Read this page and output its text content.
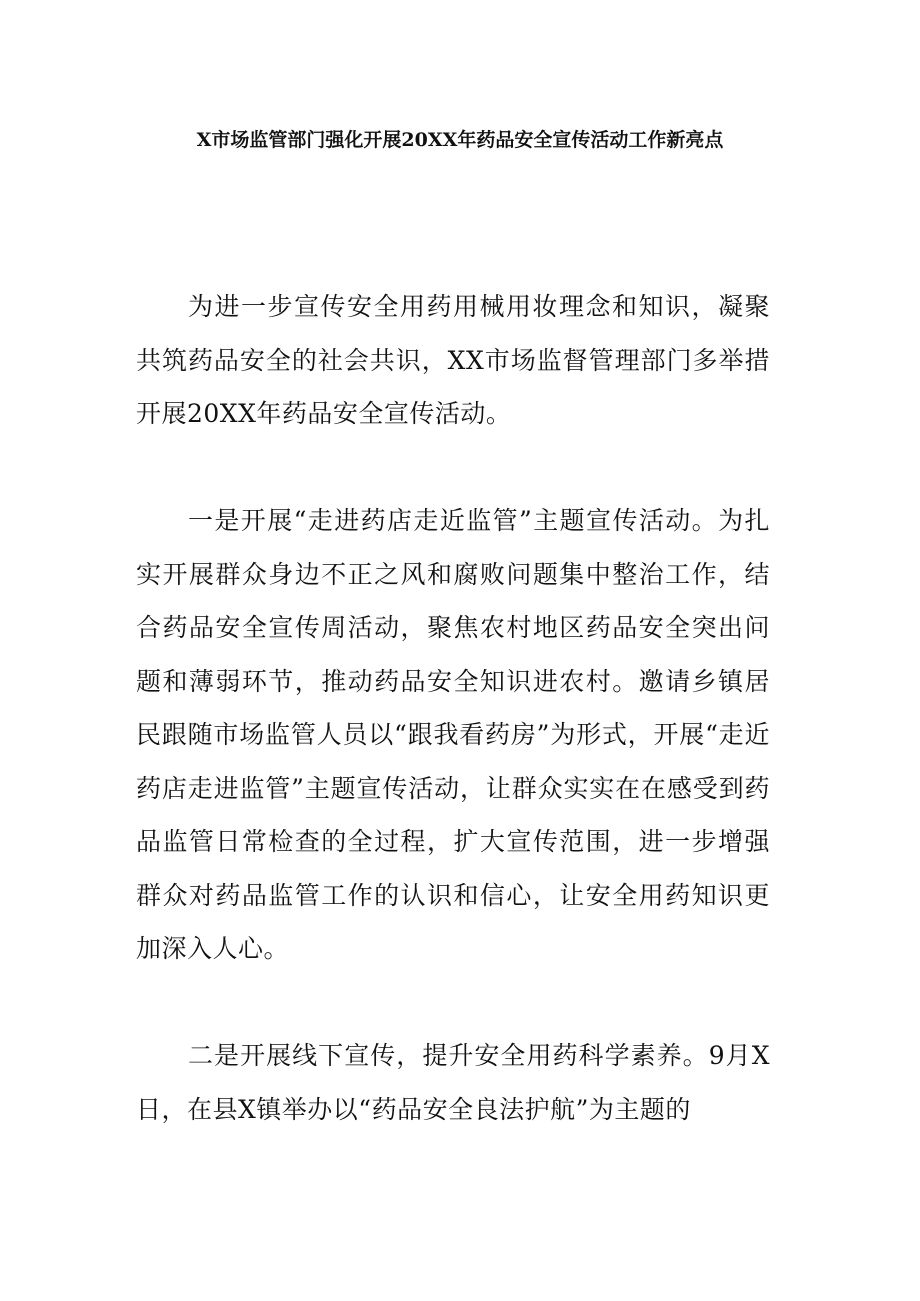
X市场监管部门强化开展20XX年药品安全宣传活动工作新亮点

为进一步宣传安全用药用械用妆理念和知识，凝聚共筑药品安全的社会共识，XX市场监督管理部门多举措开展20XX年药品安全宣传活动。

一是开展“走进药店走近监管”主题宣传活动。为扎实开展群众身边不正之风和腐败问题集中整治工作，结合药品安全宣传周活动，聚焦农村地区药品安全突出问题和薄弱环节，推动药品安全知识进农村。邀请乡镇居民跟随市场监管人员以“跟我看药房”为形式，开展“走近药店走进监管”主题宣传活动，让群众实实在在感受到药品监管日常检查的全过程，扩大宣传范围，进一步增强群众对药品监管工作的认识和信心，让安全用药知识更加深入人心。

二是开展线下宣传，提升安全用药科学素养。9月X日，在县X镇举办以“药品安全良法护航”为主题的
